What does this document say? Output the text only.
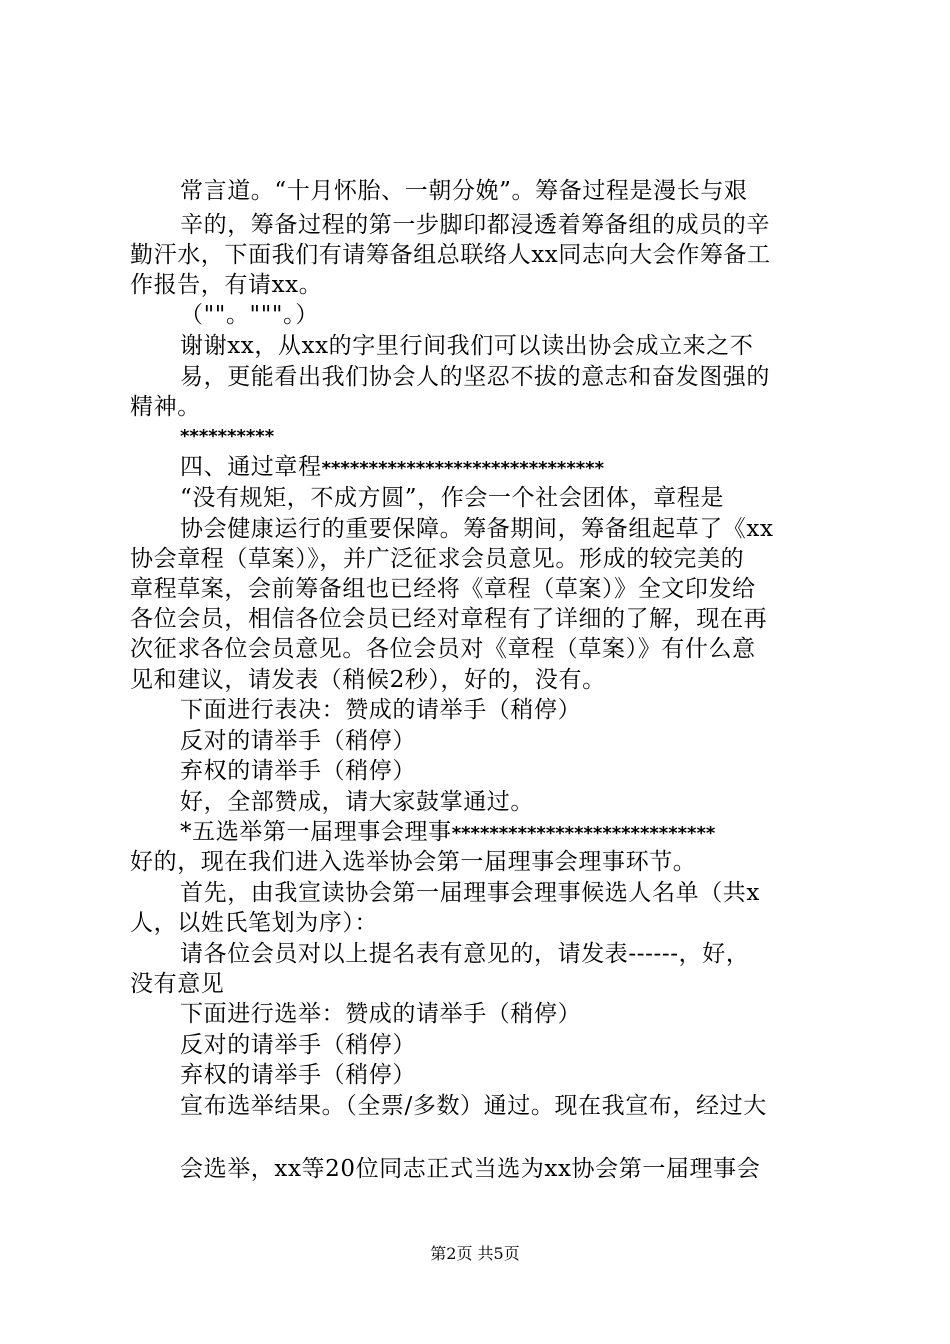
常言道。“十月怀胎、一朝分娩”。筹备过程是漫长与艰
辛的，筹备过程的第一步脚印都浸透着筹备组的成员的辛
勤汗水，下面我们有请筹备组总联络人xx同志向大会作筹备工
作报告，有请xx。
（""。"""。）
谢谢xx，从xx的字里行间我们可以读出协会成立来之不
易，更能看出我们协会人的坚忍不拔的意志和奋发图强的
精神。
**********
四、通过章程******************************
“没有规矩，不成方圆”，作会一个社会团体，章程是
协会健康运行的重要保障。筹备期间，筹备组起草了《xx
协会章程（草案）》，并广泛征求会员意见。形成的较完美的
章程草案，会前筹备组也已经将《章程（草案）》全文印发给
各位会员，相信各位会员已经对章程有了详细的了解，现在再
次征求各位会员意见。各位会员对《章程（草案）》有什么意
见和建议，请发表（稍候2秒），好的，没有。
下面进行表决：赞成的请举手（稍停）
反对的请举手（稍停）
弃权的请举手（稍停）
好，全部赞成，请大家鼓掌通过。
*五选举第一届理事会理事****************************
好的，现在我们进入选举协会第一届理事会理事环节。
首先，由我宣读协会第一届理事会理事候选人名单（共x
人，以姓氏笔划为序）：
请各位会员对以上提名表有意见的，请发表------，好，
没有意见
下面进行选举：赞成的请举手（稍停）
反对的请举手（稍停）
弃权的请举手（稍停）
宣布选举结果。（全票/多数）通过。现在我宣布，经过大
会选举，xx等20位同志正式当选为xx协会第一届理事会
第2页 共5页
